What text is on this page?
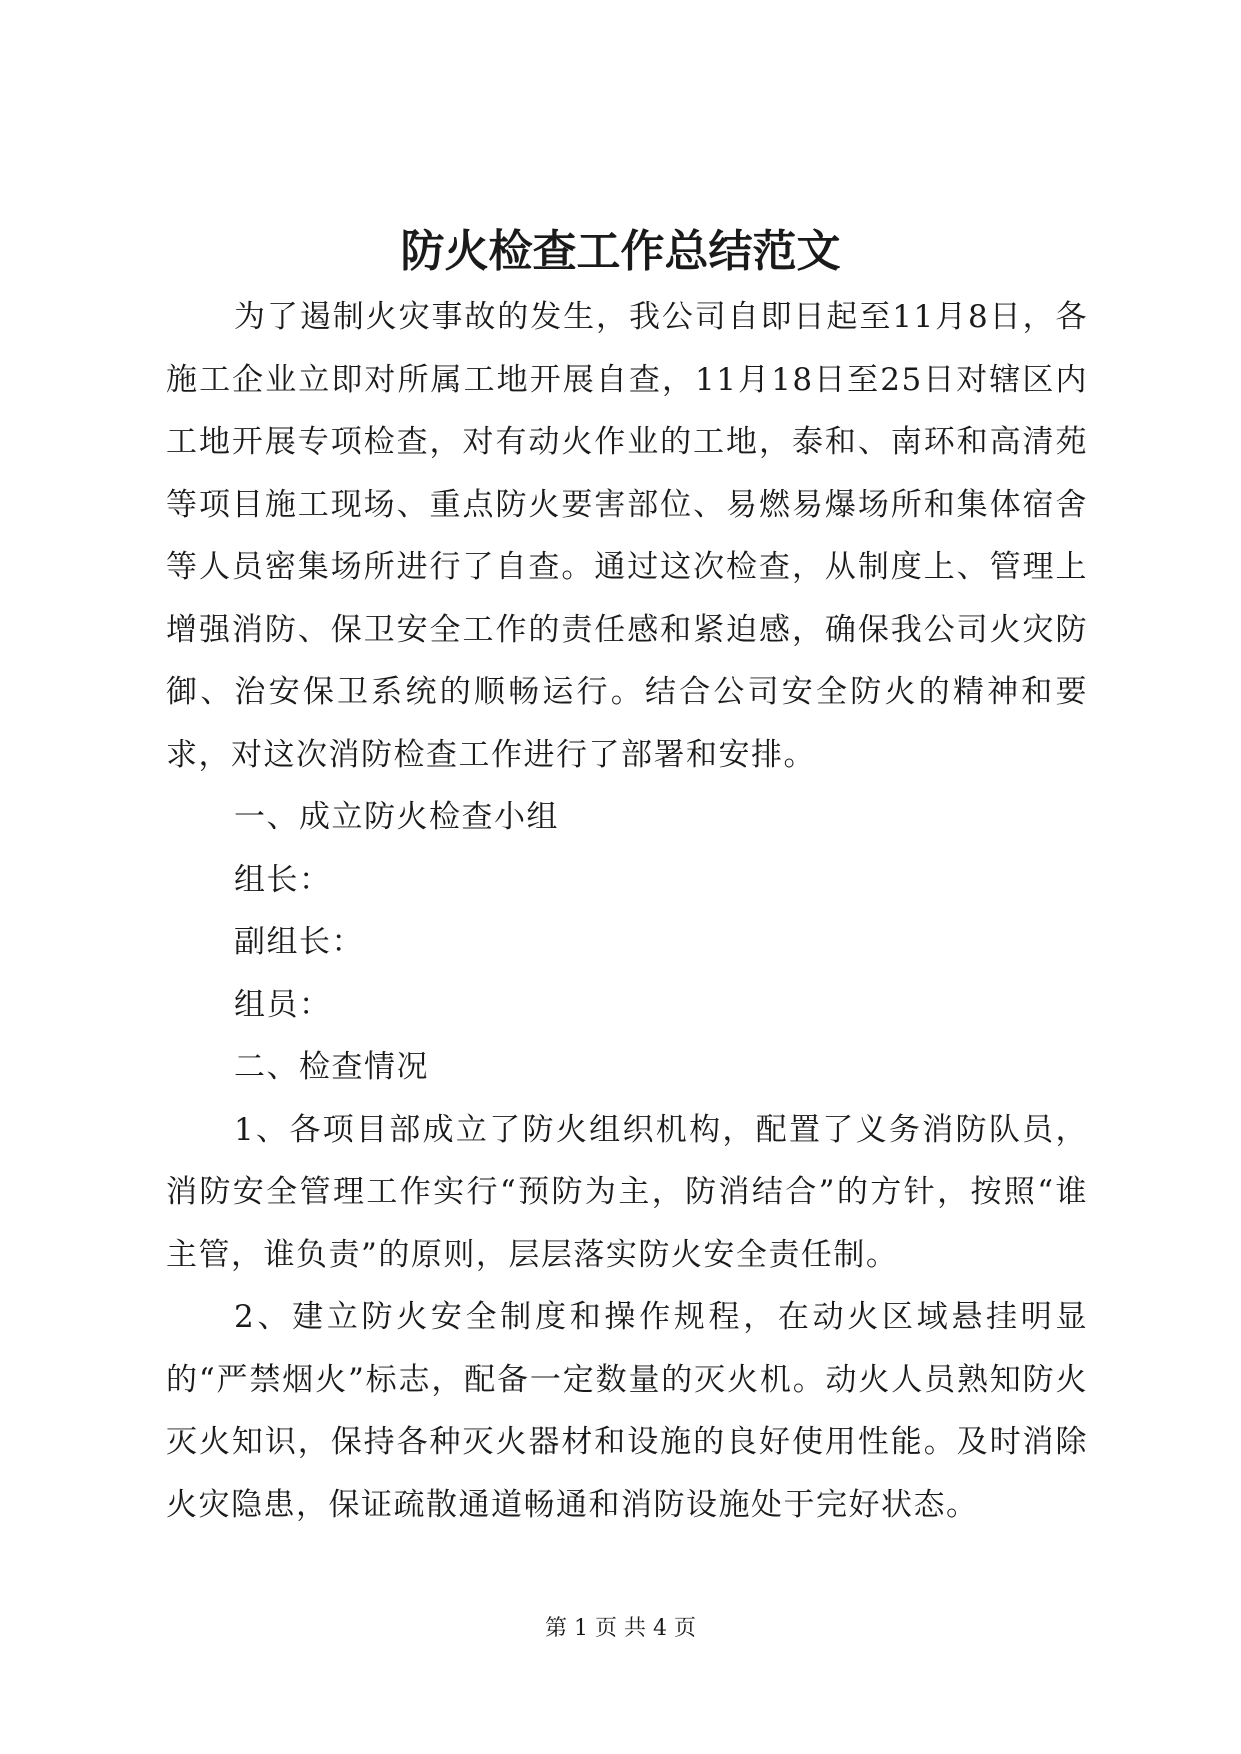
防火检查工作总结范文

为了遏制火灾事故的发生，我公司自即日起至11月8日，各施工企业立即对所属工地开展自查，11月18日至25日对辖区内工地开展专项检查，对有动火作业的工地，泰和、南环和高清苑等项目施工现场、重点防火要害部位、易燃易爆场所和集体宿舍等人员密集场所进行了自查。通过这次检查，从制度上、管理上增强消防、保卫安全工作的责任感和紧迫感，确保我公司火灾防御、治安保卫系统的顺畅运行。结合公司安全防火的精神和要求，对这次消防检查工作进行了部署和安排。

一、成立防火检查小组

组长：

副组长：

组员：

二、检查情况

1、各项目部成立了防火组织机构，配置了义务消防队员，消防安全管理工作实行“预防为主，防消结合”的方针，按照“谁主管，谁负责”的原则，层层落实防火安全责任制。

2、建立防火安全制度和操作规程，在动火区域悬挂明显的“严禁烟火”标志，配备一定数量的灭火机。动火人员熟知防火灭火知识，保持各种灭火器材和设施的良好使用性能。及时消除火灾隐患，保证疏散通道畅通和消防设施处于完好状态。

第 1 页 共 4 页
